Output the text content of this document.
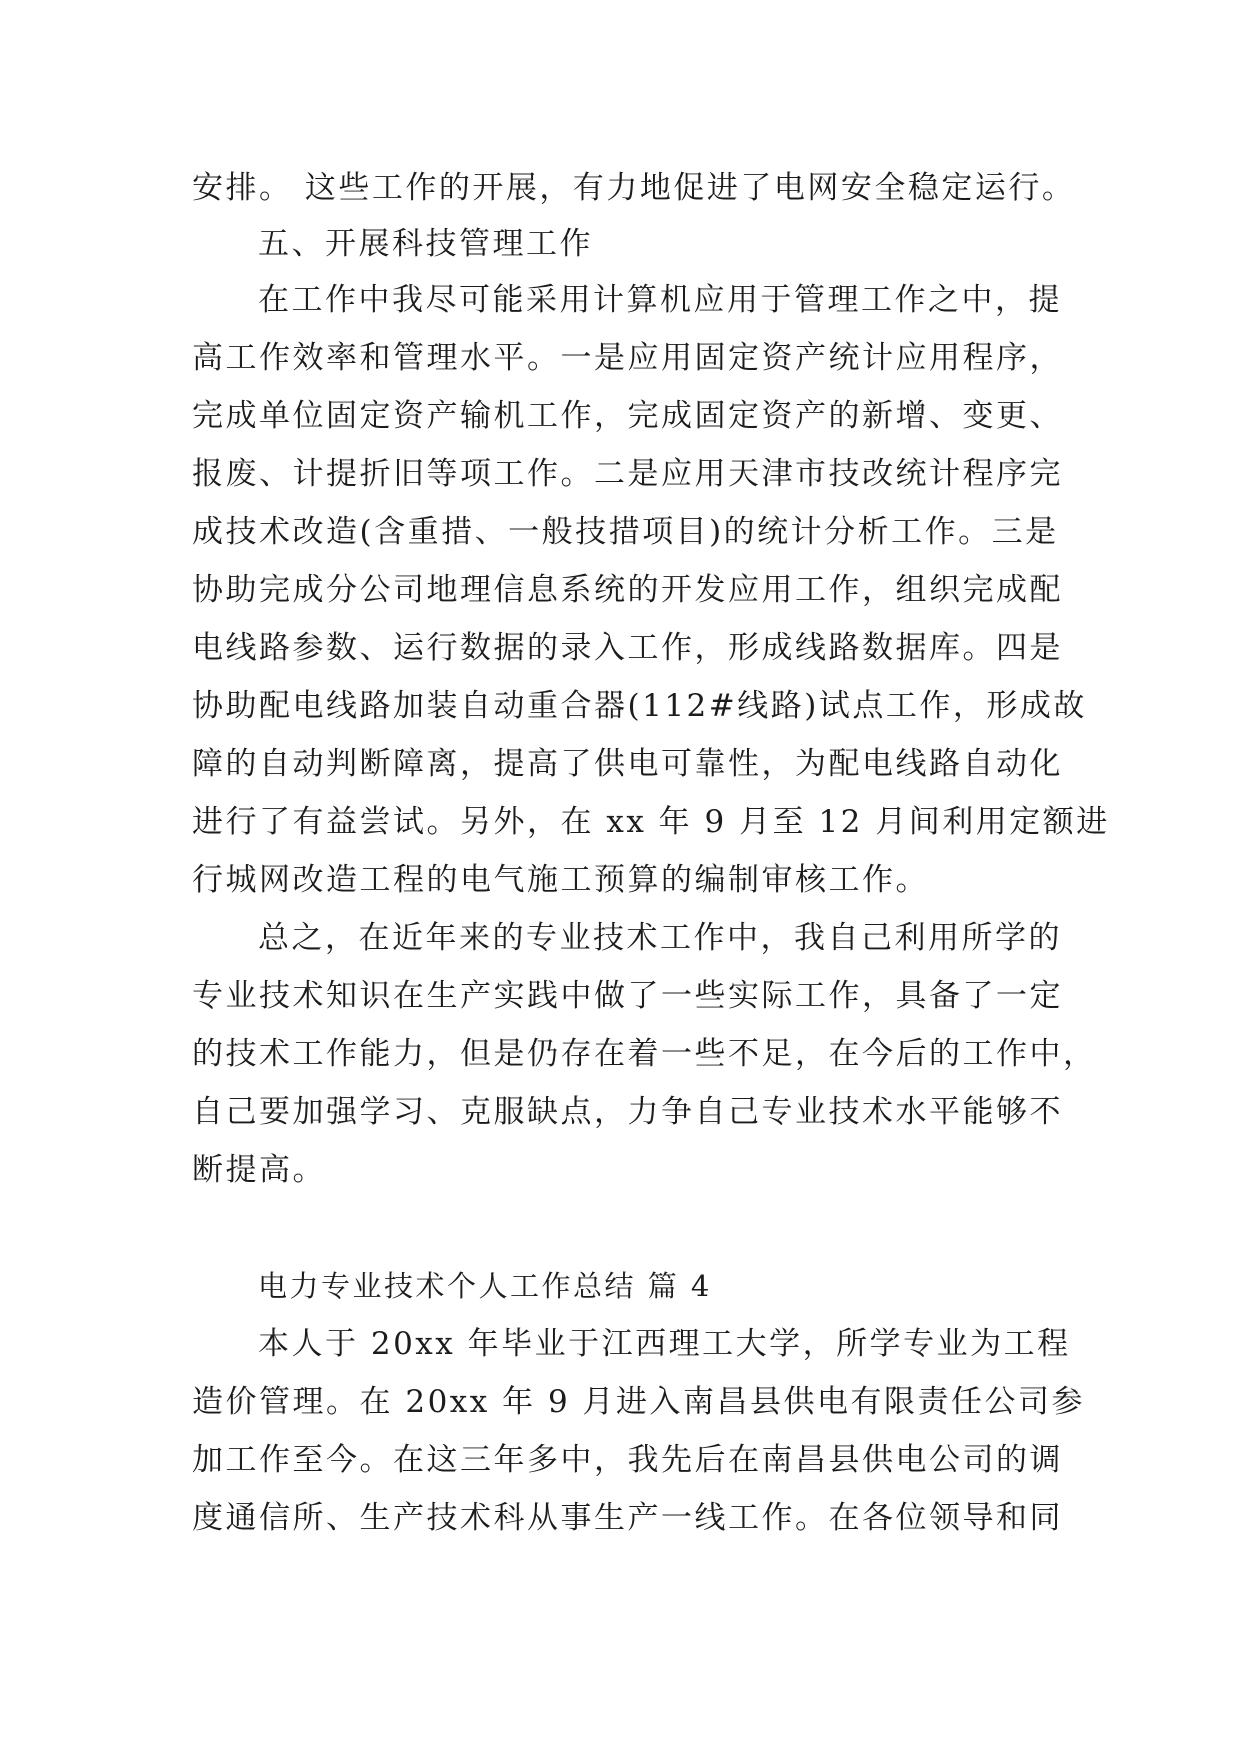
安排。 这些工作的开展，有力地促进了电网安全稳定运行。
五、开展科技管理工作
在工作中我尽可能采用计算机应用于管理工作之中，提
高工作效率和管理水平。一是应用固定资产统计应用程序，
完成单位固定资产输机工作，完成固定资产的新增、变更、
报废、计提折旧等项工作。二是应用天津市技改统计程序完
成技术改造(含重措、一般技措项目)的统计分析工作。三是
协助完成分公司地理信息系统的开发应用工作，组织完成配
电线路参数、运行数据的录入工作，形成线路数据库。四是
协助配电线路加装自动重合器(112#线路)试点工作，形成故
障的自动判断障离，提高了供电可靠性，为配电线路自动化
进行了有益尝试。另外，在 xx 年 9 月至 12 月间利用定额进
行城网改造工程的电气施工预算的编制审核工作。
总之，在近年来的专业技术工作中，我自己利用所学的
专业技术知识在生产实践中做了一些实际工作，具备了一定
的技术工作能力，但是仍存在着一些不足，在今后的工作中，
自己要加强学习、克服缺点，力争自己专业技术水平能够不
断提高。
电力专业技术个人工作总结 篇 4
本人于 20xx 年毕业于江西理工大学，所学专业为工程
造价管理。在 20xx 年 9 月进入南昌县供电有限责任公司参
加工作至今。在这三年多中，我先后在南昌县供电公司的调
度通信所、生产技术科从事生产一线工作。在各位领导和同
